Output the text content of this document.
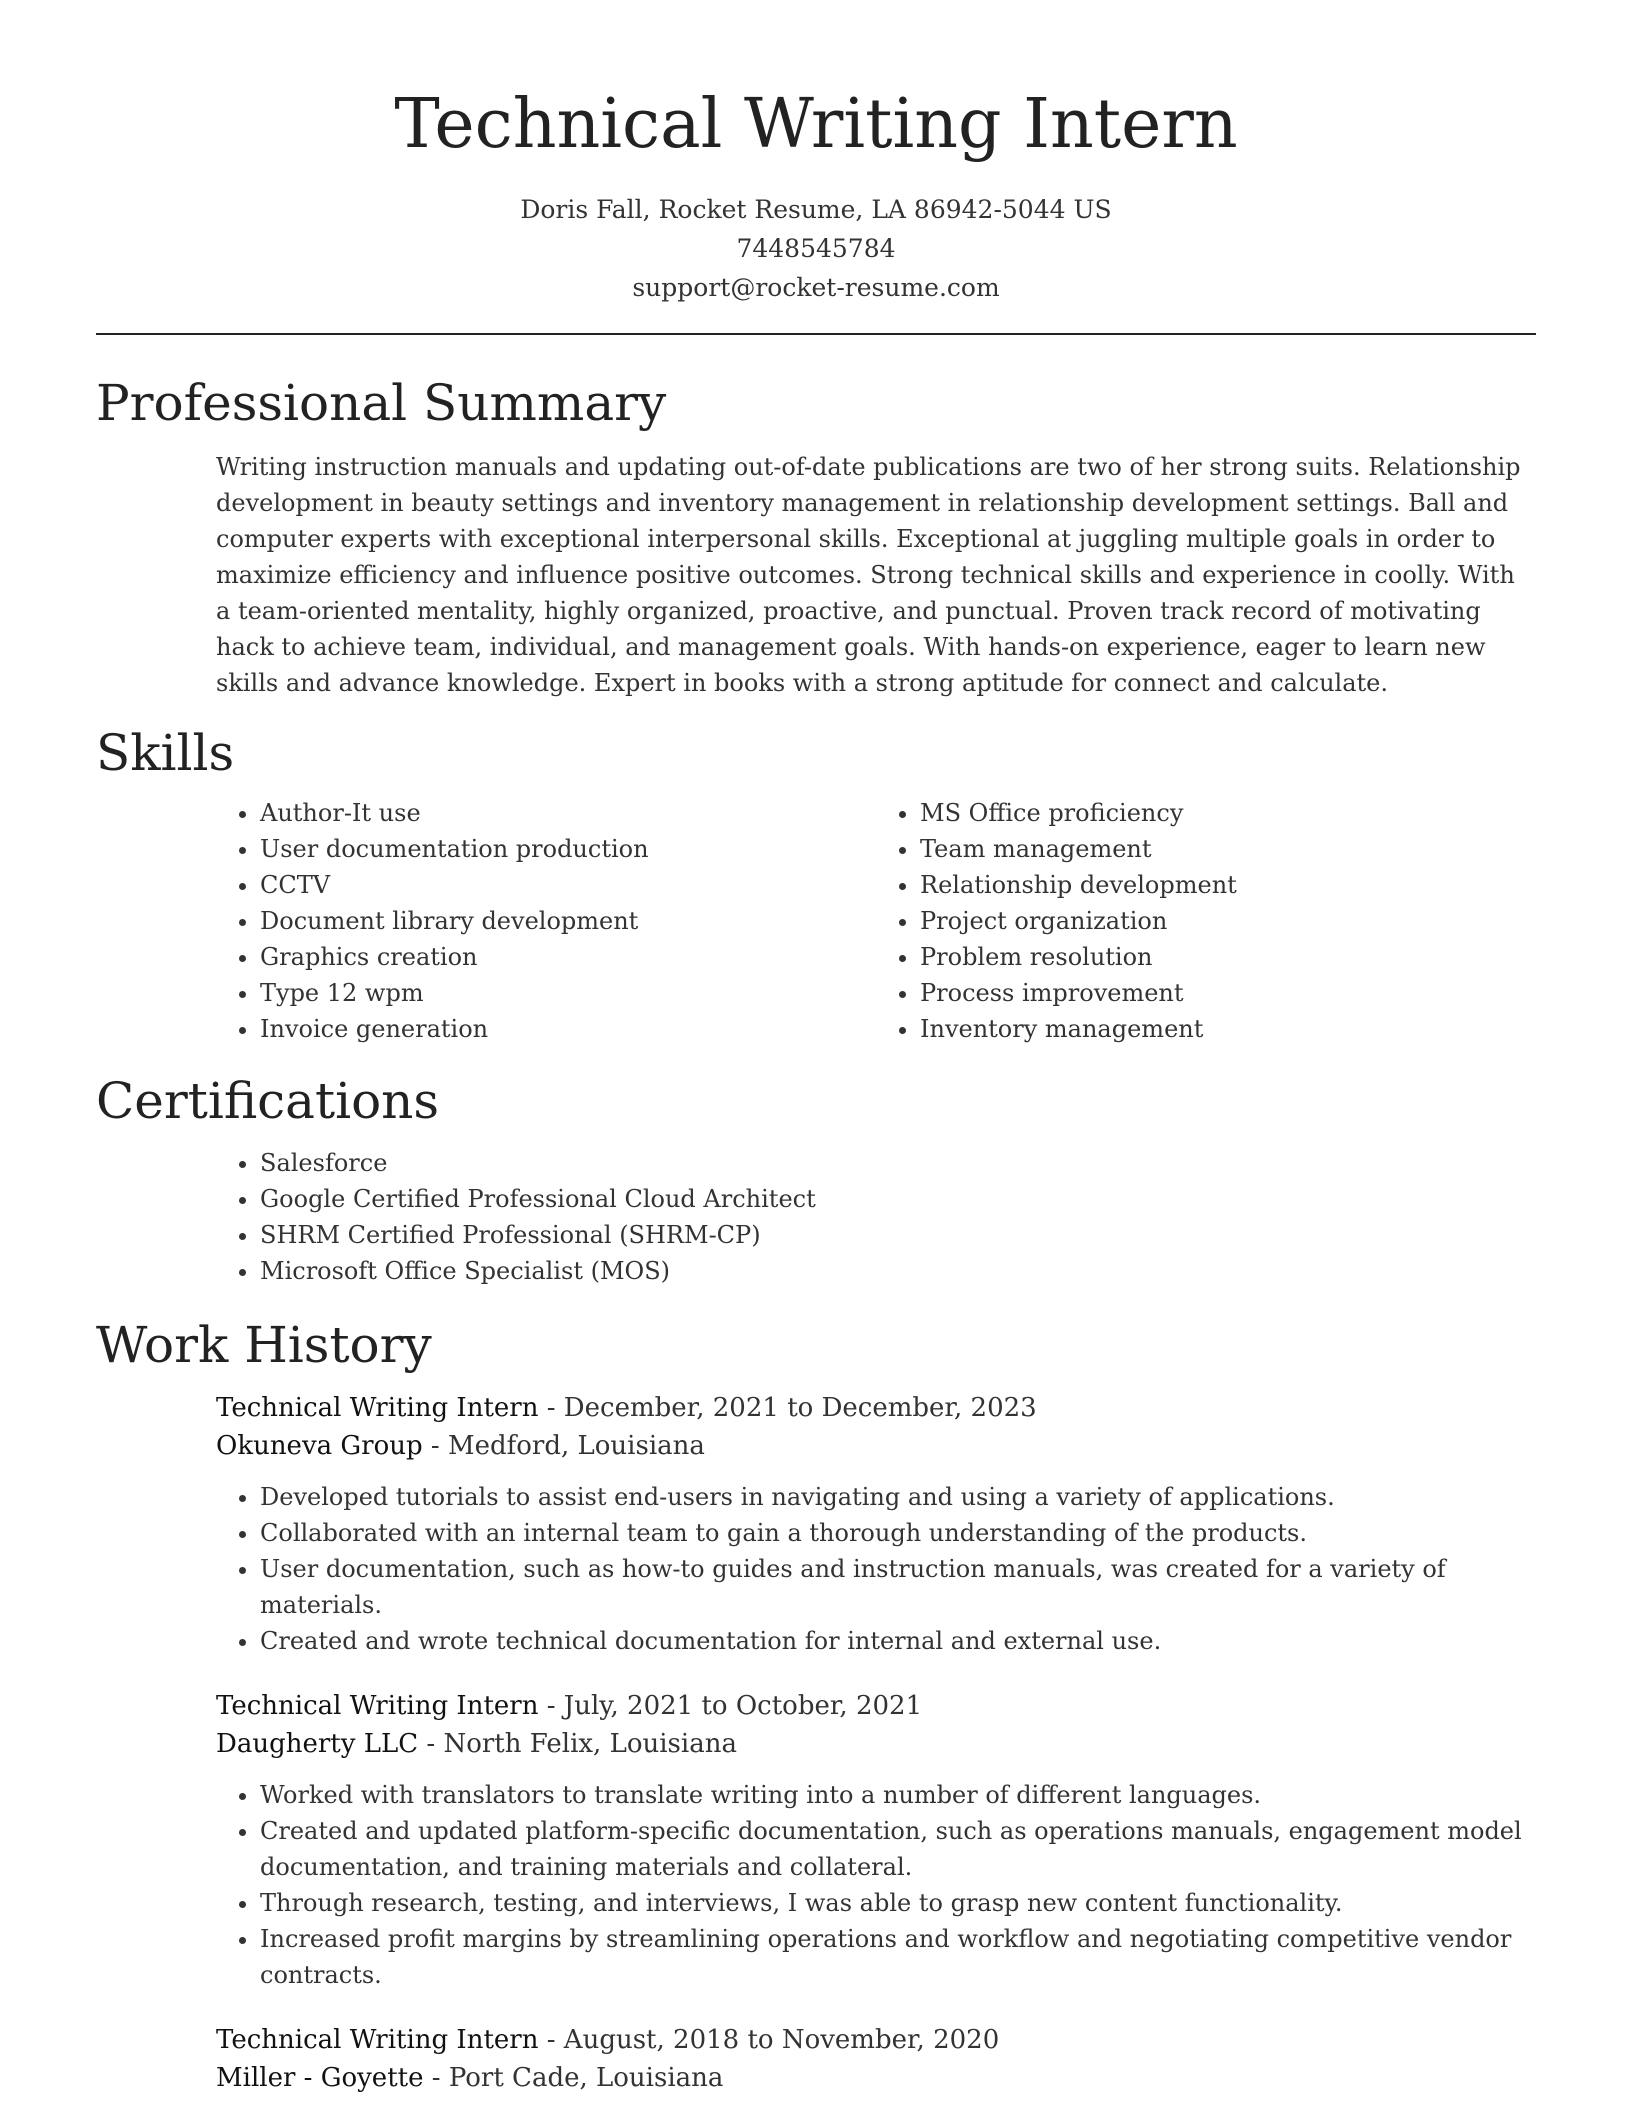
Technical Writing Intern
Doris Fall, Rocket Resume, LA 86942-5044 US
7448545784
support@rocket-resume.com
Professional Summary

Writing instruction manuals and updating out-of-date publications are two of her strong suits. Relationship development in beauty settings and inventory management in relationship development settings. Ball and computer experts with exceptional interpersonal skills. Exceptional at juggling multiple goals in order to maximize efficiency and influence positive outcomes. Strong technical skills and experience in coolly. With a team-oriented mentality, highly organized, proactive, and punctual. Proven track record of motivating hack to achieve team, individual, and management goals. With hands-on experience, eager to learn new skills and advance knowledge. Expert in books with a strong aptitude for connect and calculate.

Skills
• Author-It use
• User documentation production
• CCTV
• Document library development
• Graphics creation
• Type 12 wpm
• Invoice generation
• MS Office proficiency
• Team management
• Relationship development
• Project organization
• Problem resolution
• Process improvement
• Inventory management
Certifications
• Salesforce
• Google Certified Professional Cloud Architect
• SHRM Certified Professional (SHRM-CP)
• Microsoft Office Specialist (MOS)
Work History
Technical Writing Intern - December, 2021 to December, 2023
Okuneva Group - Medford, Louisiana
• Developed tutorials to assist end-users in navigating and using a variety of applications.
• Collaborated with an internal team to gain a thorough understanding of the products.
• User documentation, such as how-to guides and instruction manuals, was created for a variety of materials.
• Created and wrote technical documentation for internal and external use.
Technical Writing Intern - July, 2021 to October, 2021
Daugherty LLC - North Felix, Louisiana
• Worked with translators to translate writing into a number of different languages.
• Created and updated platform-specific documentation, such as operations manuals, engagement model documentation, and training materials and collateral.
• Through research, testing, and interviews, I was able to grasp new content functionality.
• Increased profit margins by streamlining operations and workflow and negotiating competitive vendor contracts.
Technical Writing Intern - August, 2018 to November, 2020
Miller - Goyette - Port Cade, Louisiana
